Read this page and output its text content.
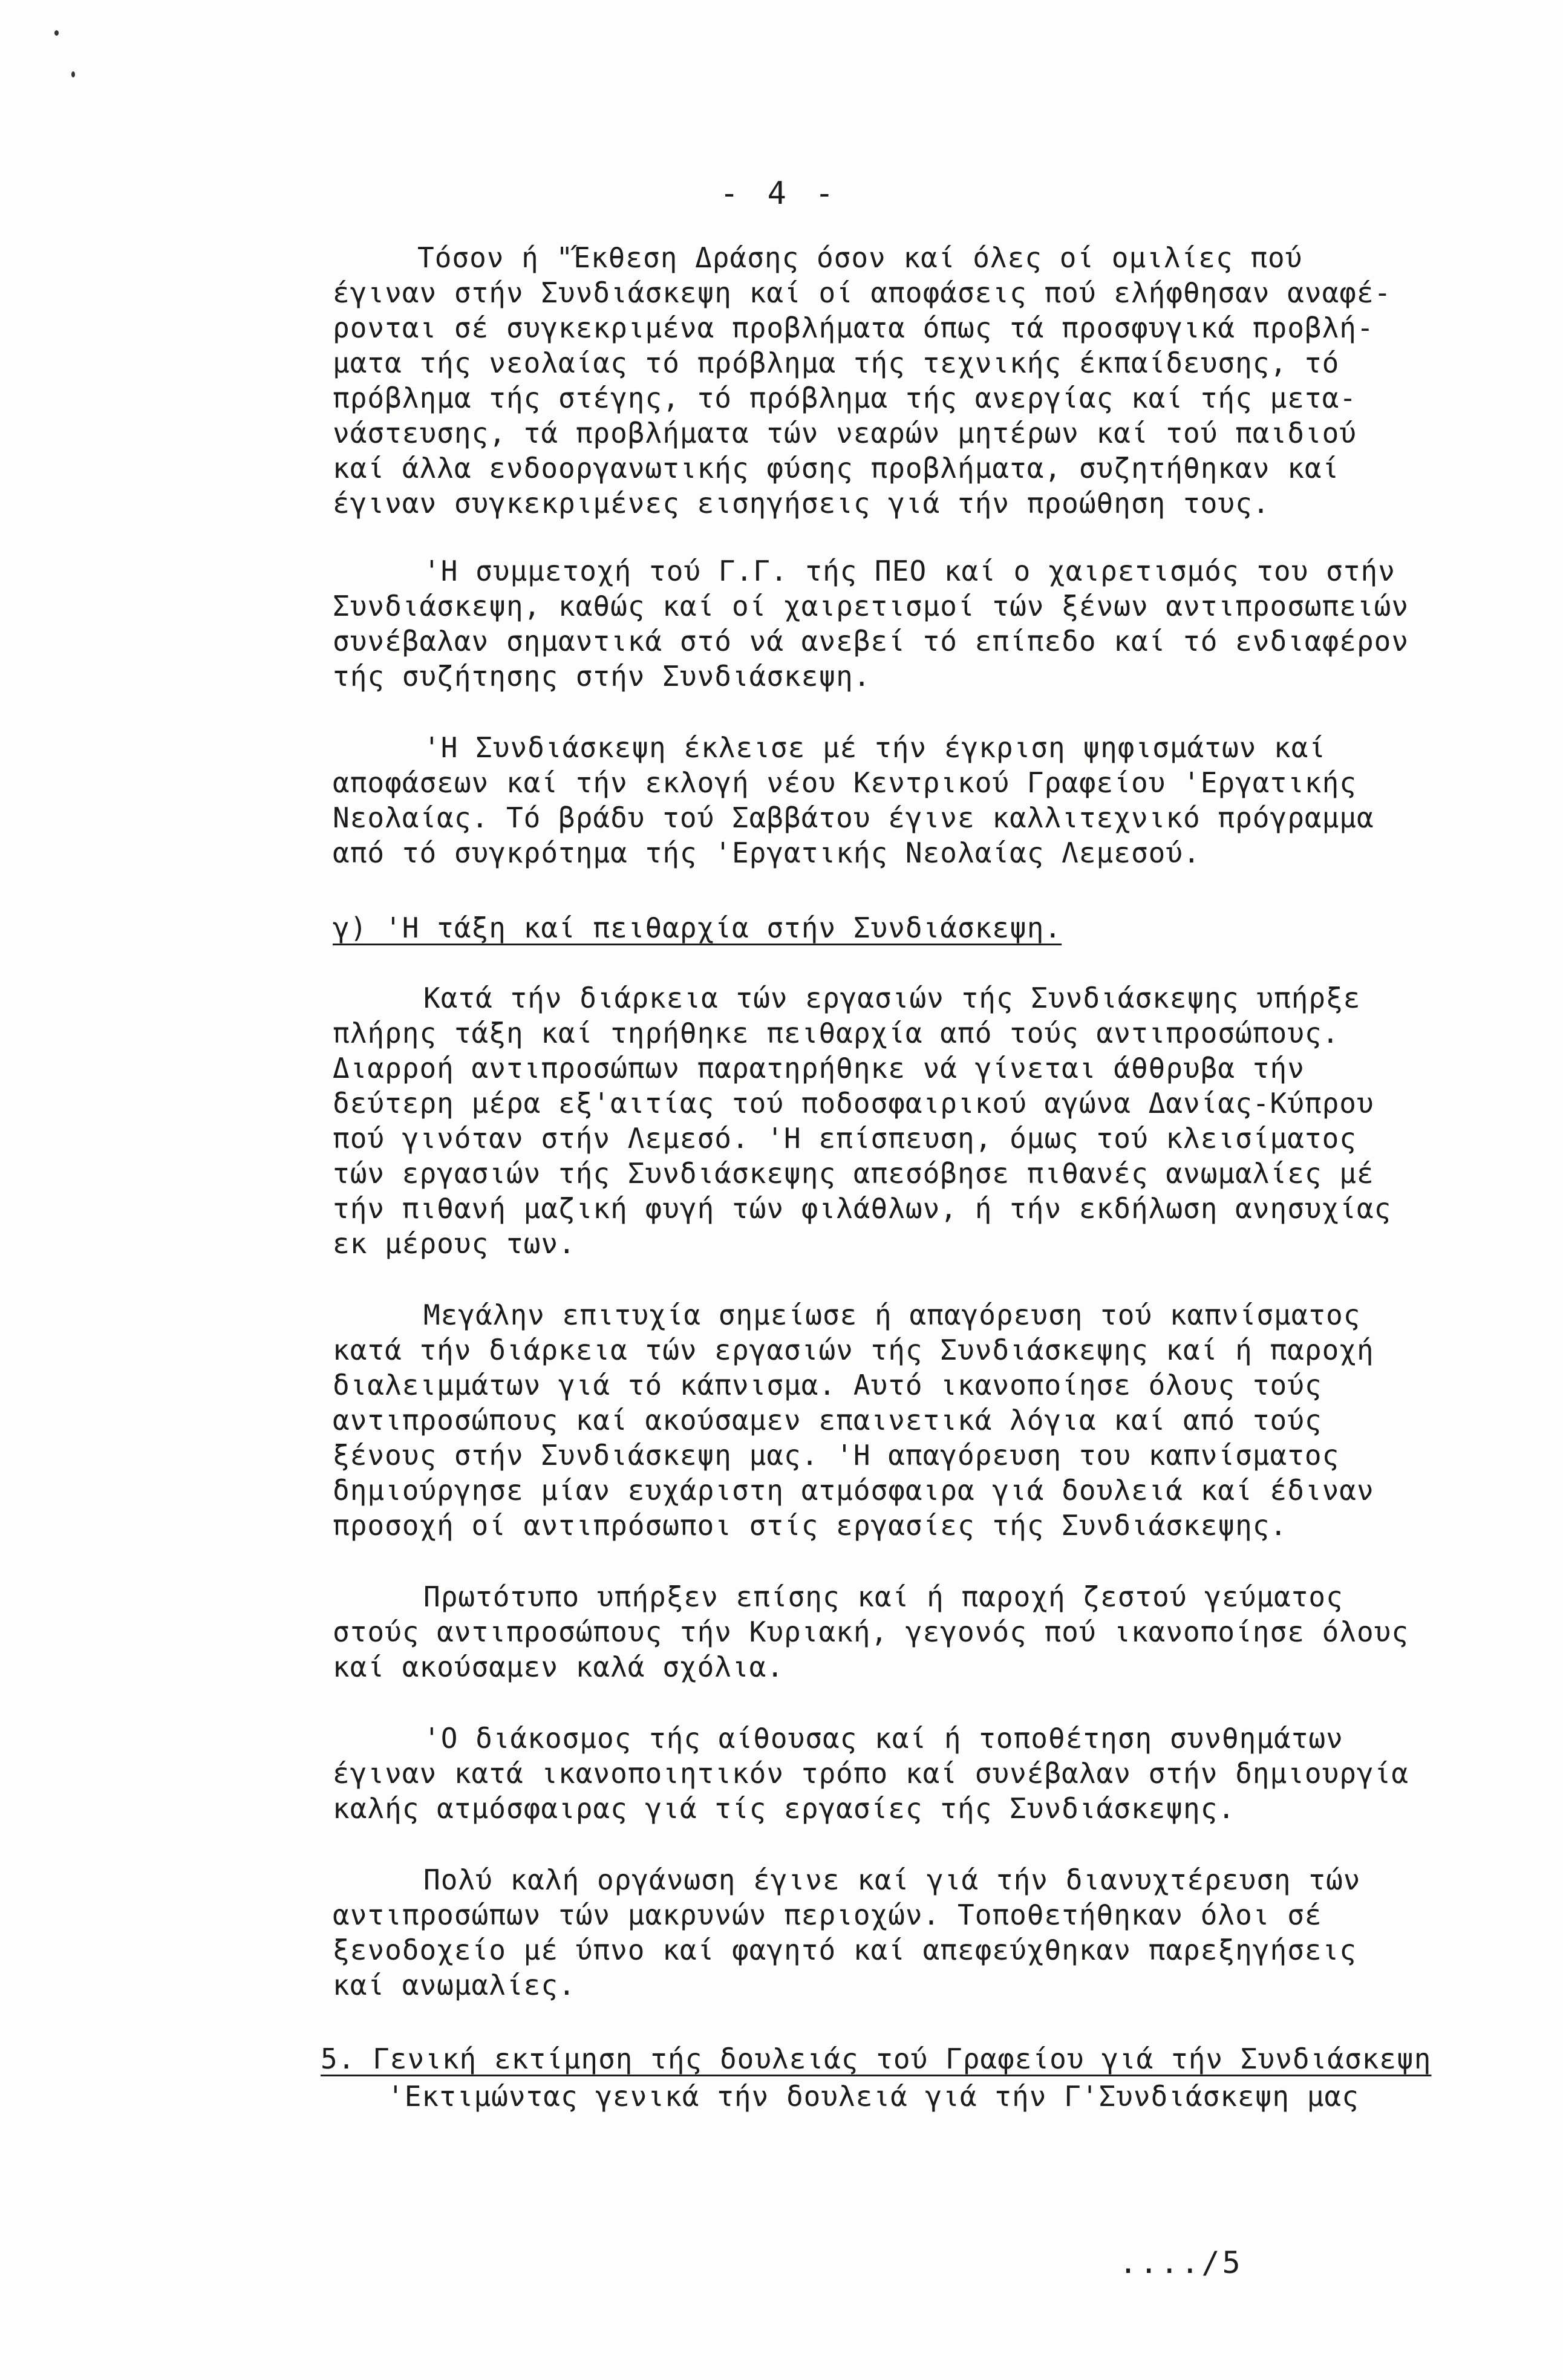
- 4 -
Τόσον ή "Έκθεση Δράσης όσον καί όλες οί ομιλίες πού
έγιναν στήν Συνδιάσκεψη καί οί αποφάσεις πού ελήφθησαν αναφέ-
ρονται σέ συγκεκριμένα προβλήματα όπως τά προσφυγικά προβλή-
ματα τής νεολαίας τό πρόβλημα τής τεχνικής έκπαίδευσης, τό
πρόβλημα τής στέγης, τό πρόβλημα τής ανεργίας καί τής μετα-
νάστευσης, τά προβλήματα τών νεαρών μητέρων καί τού παιδιού
καί άλλα ενδοοργανωτικής φύσης προβλήματα, συζητήθηκαν καί
έγιναν συγκεκριμένες εισηγήσεις γιά τήν προώθηση τους.
'Η συμμετοχή τού Γ.Γ. τής ΠΕΟ καί ο χαιρετισμός του στήν
Συνδιάσκεψη, καθώς καί οί χαιρετισμοί τών ξένων αντιπροσωπειών
συνέβαλαν σημαντικά στό νά ανεβεί τό επίπεδο καί τό ενδιαφέρον
τής συζήτησης στήν Συνδιάσκεψη.
'Η Συνδιάσκεψη έκλεισε μέ τήν έγκριση ψηφισμάτων καί
αποφάσεων καί τήν εκλογή νέου Κεντρικού Γραφείου 'Εργατικής
Νεολαίας. Τό βράδυ τού Σαββάτου έγινε καλλιτεχνικό πρόγραμμα
από τό συγκρότημα τής 'Εργατικής Νεολαίας Λεμεσού.
γ) 'Η τάξη καί πειθαρχία στήν Συνδιάσκεψη.
Κατά τήν διάρκεια τών εργασιών τής Συνδιάσκεψης υπήρξε
πλήρης τάξη καί τηρήθηκε πειθαρχία από τούς αντιπροσώπους.
Διαρροή αντιπροσώπων παρατηρήθηκε νά γίνεται άθθρυβα τήν
δεύτερη μέρα εξ'αιτίας τού ποδοσφαιρικού αγώνα Δανίας-Κύπρου
πού γινόταν στήν Λεμεσό. 'Η επίσπευση, όμως τού κλεισίματος
τών εργασιών τής Συνδιάσκεψης απεσόβησε πιθανές ανωμαλίες μέ
τήν πιθανή μαζική φυγή τών φιλάθλων, ή τήν εκδήλωση ανησυχίας
εκ μέρους των.
Μεγάλην επιτυχία σημείωσε ή απαγόρευση τού καπνίσματος
κατά τήν διάρκεια τών εργασιών τής Συνδιάσκεψης καί ή παροχή
διαλειμμάτων γιά τό κάπνισμα. Αυτό ικανοποίησε όλους τούς
αντιπροσώπους καί ακούσαμεν επαινετικά λόγια καί από τούς
ξένους στήν Συνδιάσκεψη μας. 'Η απαγόρευση του καπνίσματος
δημιούργησε μίαν ευχάριστη ατμόσφαιρα γιά δουλειά καί έδιναν
προσοχή οί αντιπρόσωποι στίς εργασίες τής Συνδιάσκεψης.
Πρωτότυπο υπήρξεν επίσης καί ή παροχή ζεστού γεύματος
στούς αντιπροσώπους τήν Κυριακή, γεγονός πού ικανοποίησε όλους
καί ακούσαμεν καλά σχόλια.
'Ο διάκοσμος τής αίθουσας καί ή τοποθέτηση συνθημάτων
έγιναν κατά ικανοποιητικόν τρόπο καί συνέβαλαν στήν δημιουργία
καλής ατμόσφαιρας γιά τίς εργασίες τής Συνδιάσκεψης.
Πολύ καλή οργάνωση έγινε καί γιά τήν διανυχτέρευση τών
αντιπροσώπων τών μακρυνών περιοχών. Τοποθετήθηκαν όλοι σέ
ξενοδοχείο μέ ύπνο καί φαγητό καί απεφεύχθηκαν παρεξηγήσεις
καί ανωμαλίες.
5. Γενική εκτίμηση τής δουλειάς τού Γραφείου γιά τήν Συνδιάσκεψη
'Εκτιμώντας γενικά τήν δουλειά γιά τήν Γ'Συνδιάσκεψη μας
..../5
